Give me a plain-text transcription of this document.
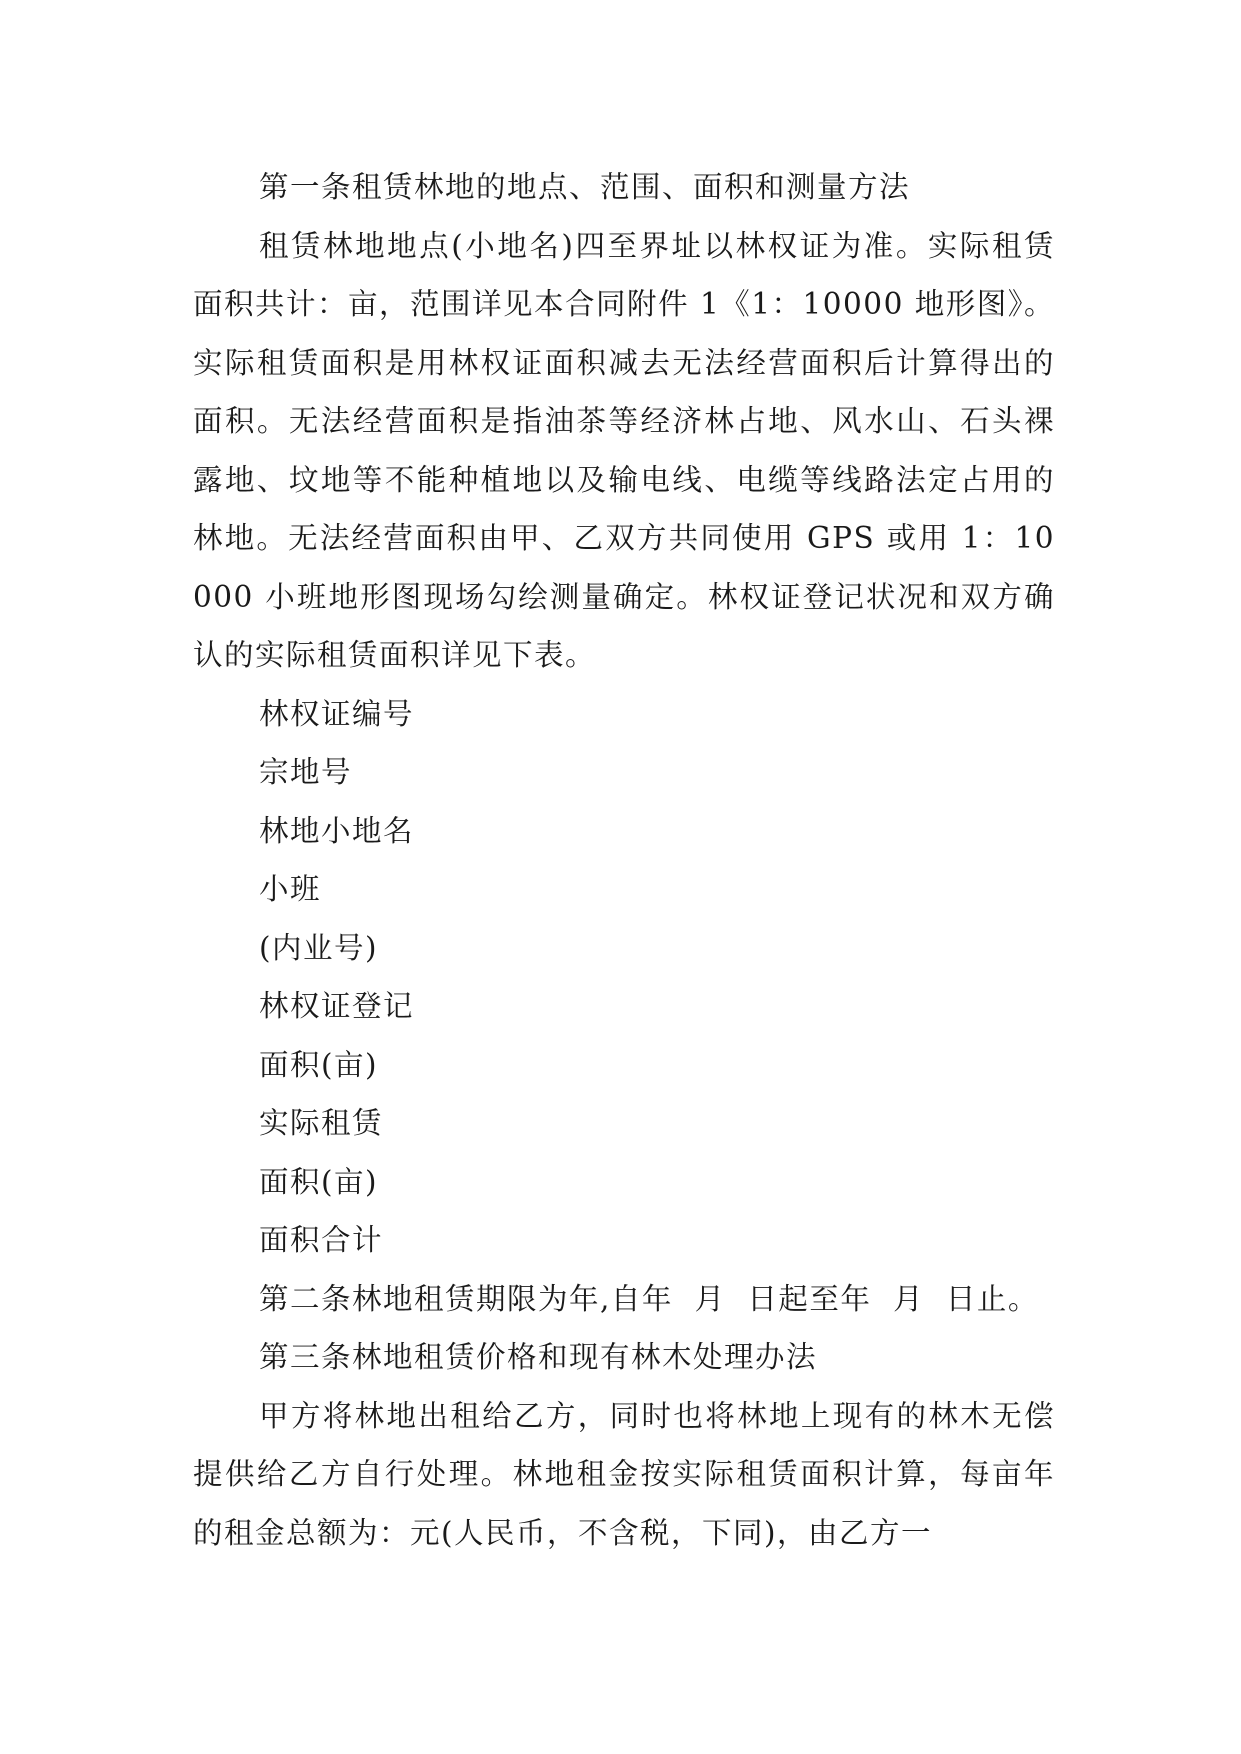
第一条租赁林地的地点、范围、面积和测量方法

租赁林地地点(小地名)四至界址以林权证为准。实际租赁面积共计：亩，范围详见本合同附件 1《1：10000 地形图》。实际租赁面积是用林权证面积减去无法经营面积后计算得出的面积。无法经营面积是指油茶等经济林占地、风水山、石头裸露地、坟地等不能种植地以及输电线、电缆等线路法定占用的林地。无法经营面积由甲、乙双方共同使用 GPS 或用 1：10000 小班地形图现场勾绘测量确定。林权证登记状况和双方确认的实际租赁面积详见下表。

林权证编号

宗地号

林地小地名

小班

(内业号)

林权证登记

面积(亩)

实际租赁

面积(亩)

面积合计

第二条林地租赁期限为年,自年  月  日起至年  月  日止。

第三条林地租赁价格和现有林木处理办法

甲方将林地出租给乙方，同时也将林地上现有的林木无偿提供给乙方自行处理。林地租金按实际租赁面积计算，每亩年的租金总额为：元(人民币，不含税，下同)，由乙方一
